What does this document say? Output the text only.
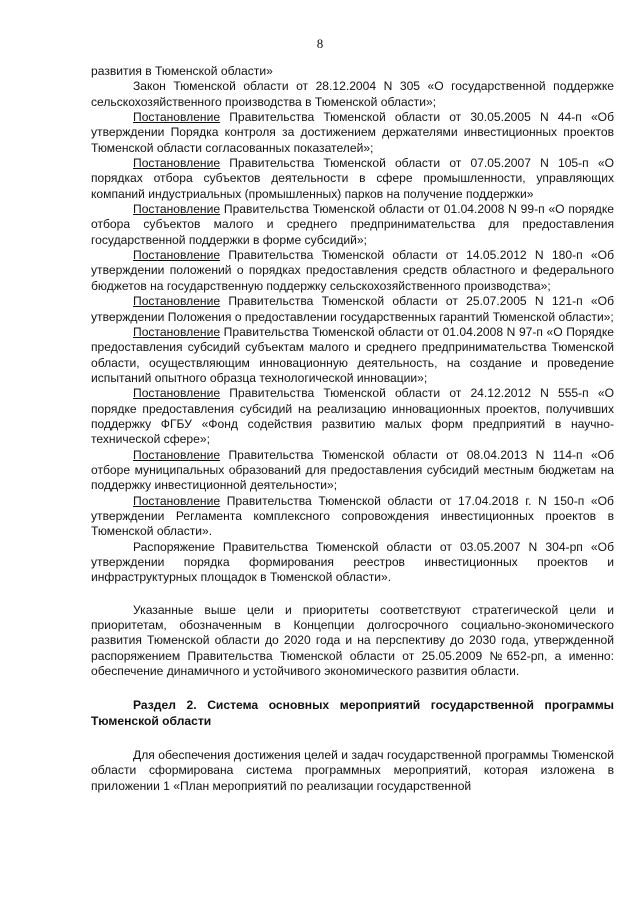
8

развития в Тюменской области»

Закон Тюменской области от 28.12.2004 N 305 «О государственной поддержке сельскохозяйственного производства в Тюменской области»;

Постановление Правительства Тюменской области от 30.05.2005 N 44-п «Об утверждении Порядка контроля за достижением держателями инвестиционных проектов Тюменской области согласованных показателей»;

Постановление Правительства Тюменской области от 07.05.2007 N 105-п «О порядках отбора субъектов деятельности в сфере промышленности, управляющих компаний индустриальных (промышленных) парков на получение поддержки»

Постановление Правительства Тюменской области от 01.04.2008 N 99-п «О порядке отбора субъектов малого и среднего предпринимательства для предоставления государственной поддержки в форме субсидий»;

Постановление Правительства Тюменской области от 14.05.2012 N 180-п «Об утверждении положений о порядках предоставления средств областного и федерального бюджетов на государственную поддержку сельскохозяйственного производства»;

Постановление Правительства Тюменской области от 25.07.2005 N 121-п «Об утверждении Положения о предоставлении государственных гарантий Тюменской области»;

Постановление Правительства Тюменской области от 01.04.2008 N 97-п «О Порядке предоставления субсидий субъектам малого и среднего предпринимательства Тюменской области, осуществляющим инновационную деятельность, на создание и проведение испытаний опытного образца технологической инновации»;

Постановление Правительства Тюменской области от 24.12.2012 N 555-п «О порядке предоставления субсидий на реализацию инновационных проектов, получивших поддержку ФГБУ «Фонд содействия развитию малых форм предприятий в научно-технической сфере»;

Постановление Правительства Тюменской области от 08.04.2013 N 114-п «Об отборе муниципальных образований для предоставления субсидий местным бюджетам на поддержку инвестиционной деятельности»;

Постановление Правительства Тюменской области от 17.04.2018 г. N 150-п «Об утверждении Регламента комплексного сопровождения инвестиционных проектов в Тюменской области».

Распоряжение Правительства Тюменской области от 03.05.2007 N 304-рп «Об утверждении порядка формирования реестров инвестиционных проектов и инфраструктурных площадок в Тюменской области».

Указанные выше цели и приоритеты соответствуют стратегической цели и приоритетам, обозначенным в Концепции долгосрочного социально-экономического развития Тюменской области до 2020 года и на перспективу до 2030 года, утвержденной распоряжением Правительства Тюменской области от 25.05.2009 №652-рп, а именно: обеспечение динамичного и устойчивого экономического развития области.

Раздел 2. Система основных мероприятий государственной программы Тюменской области

Для обеспечения достижения целей и задач государственной программы Тюменской области сформирована система программных мероприятий, которая изложена в приложении 1 «План мероприятий по реализации государственной
